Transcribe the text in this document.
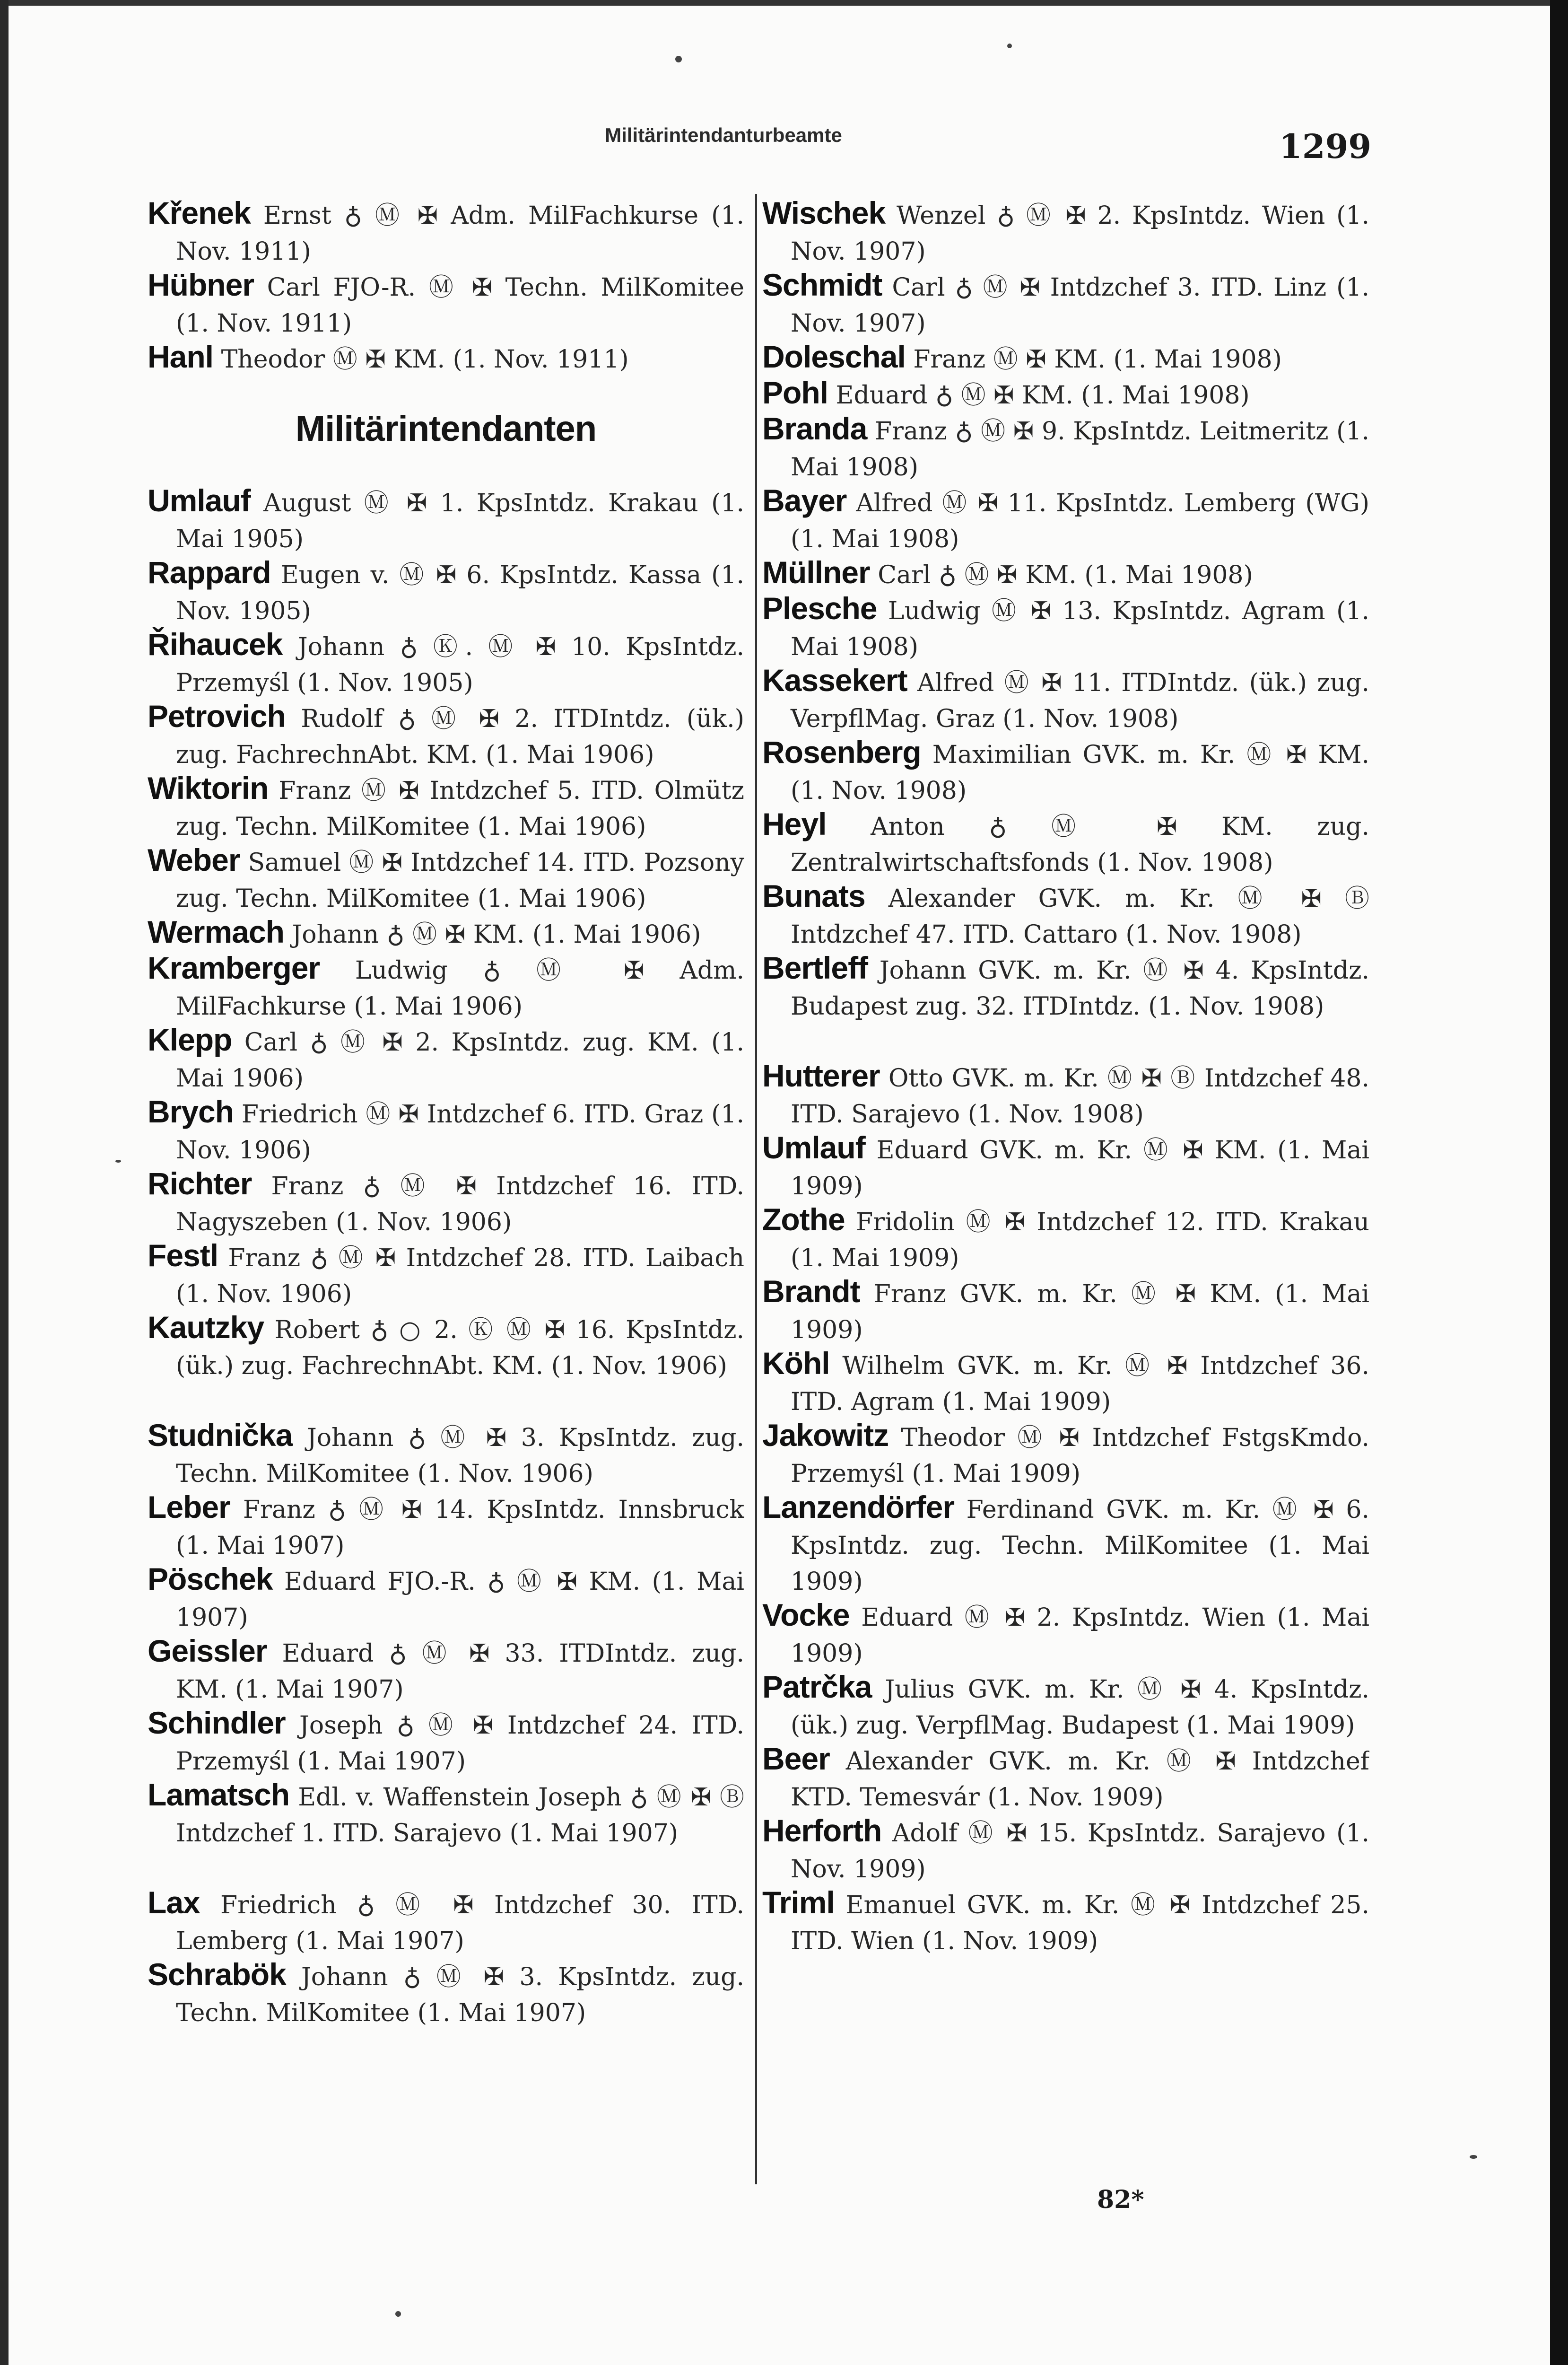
Militärintendanturbeamte	1299
Křenek Ernst ♁ Ⓜ ✠ Adm. MilFachkurse (1. Nov. 1911)
Hübner Carl FJO-R. Ⓜ ✠ Techn. MilKomitee (1. Nov. 1911)
Hanl Theodor Ⓜ ✠ KM. (1. Nov. 1911)
Militärintendanten
Umlauf August Ⓜ ✠ 1. KpsIntdz. Krakau (1. Mai 1905)
Rappard Eugen v. Ⓜ ✠ 6. KpsIntdz. Kassa (1. Nov. 1905)
Řihaucek Johann ♁ Ⓚ. Ⓜ ✠ 10. KpsIntdz. Przemyśl (1. Nov. 1905)
Petrovich Rudolf ♁ Ⓜ ✠ 2. ITDIntdz. (ük.) zug. FachrechnAbt. KM. (1. Mai 1906)
Wiktorin Franz Ⓜ ✠ Intdzchef 5. ITD. Olmütz zug. Techn. MilKomitee (1. Mai 1906)
Weber Samuel Ⓜ ✠ Intdzchef 14. ITD. Pozsony zug. Techn. MilKomitee (1. Mai 1906)
Wermach Johann ♁ Ⓜ ✠ KM. (1. Mai 1906)
Kramberger Ludwig ♁ Ⓜ ✠ Adm. MilFachkurse (1. Mai 1906)
Klepp Carl ♁ Ⓜ ✠ 2. KpsIntdz. zug. KM. (1. Mai 1906)
Brych Friedrich Ⓜ ✠ Intdzchef 6. ITD. Graz (1. Nov. 1906)
Richter Franz ♁ Ⓜ ✠ Intdzchef 16. ITD. Nagyszeben (1. Nov. 1906)
Festl Franz ♁ Ⓜ ✠ Intdzchef 28. ITD. Laibach (1. Nov. 1906)
Kautzky Robert ♁ ○ 2. Ⓚ Ⓜ ✠ 16. KpsIntdz. (ük.) zug. FachrechnAbt. KM. (1. Nov. 1906)
Studnička Johann ♁ Ⓜ ✠ 3. KpsIntdz. zug. Techn. MilKomitee (1. Nov. 1906)
Leber Franz ♁ Ⓜ ✠ 14. KpsIntdz. Innsbruck (1. Mai 1907)
Pöschek Eduard FJO.-R. ♁ Ⓜ ✠ KM. (1. Mai 1907)
Geissler Eduard ♁ Ⓜ ✠ 33. ITDIntdz. zug. KM. (1. Mai 1907)
Schindler Joseph ♁ Ⓜ ✠ Intdzchef 24. ITD. Przemyśl (1. Mai 1907)
Lamatsch Edl. v. Waffenstein Joseph ♁ Ⓜ ✠ Ⓑ Intdzchef 1. ITD. Sarajevo (1. Mai 1907)
Lax Friedrich ♁ Ⓜ ✠ Intdzchef 30. ITD. Lemberg (1. Mai 1907)
Schrabök Johann ♁ Ⓜ ✠ 3. KpsIntdz. zug. Techn. MilKomitee (1. Mai 1907)
Wischek Wenzel ♁ Ⓜ ✠ 2. KpsIntdz. Wien (1. Nov. 1907)
Schmidt Carl ♁ Ⓜ ✠ Intdzchef 3. ITD. Linz (1. Nov. 1907)
Doleschal Franz Ⓜ ✠ KM. (1. Mai 1908)
Pohl Eduard ♁ Ⓜ ✠ KM. (1. Mai 1908)
Branda Franz ♁ Ⓜ ✠ 9. KpsIntdz. Leitmeritz (1. Mai 1908)
Bayer Alfred Ⓜ ✠ 11. KpsIntdz. Lemberg (WG) (1. Mai 1908)
Müllner Carl ♁ Ⓜ ✠ KM. (1. Mai 1908)
Plesche Ludwig Ⓜ ✠ 13. KpsIntdz. Agram (1. Mai 1908)
Kassekert Alfred Ⓜ ✠ 11. ITDIntdz. (ük.) zug. VerpflMag. Graz (1. Nov. 1908)
Rosenberg Maximilian GVK. m. Kr. Ⓜ ✠ KM. (1. Nov. 1908)
Heyl Anton ♁ Ⓜ ✠ KM. zug. Zentralwirtschaftsfonds (1. Nov. 1908)
Bunats Alexander GVK. m. Kr. Ⓜ ✠ Ⓑ Intdzchef 47. ITD. Cattaro (1. Nov. 1908)
Bertleff Johann GVK. m. Kr. Ⓜ ✠ 4. KpsIntdz. Budapest zug. 32. ITDIntdz. (1. Nov. 1908)
Hutterer Otto GVK. m. Kr. Ⓜ ✠ Ⓑ Intdzchef 48. ITD. Sarajevo (1. Nov. 1908)
Umlauf Eduard GVK. m. Kr. Ⓜ ✠ KM. (1. Mai 1909)
Zothe Fridolin Ⓜ ✠ Intdzchef 12. ITD. Krakau (1. Mai 1909)
Brandt Franz GVK. m. Kr. Ⓜ ✠ KM. (1. Mai 1909)
Köhl Wilhelm GVK. m. Kr. Ⓜ ✠ Intdzchef 36. ITD. Agram (1. Mai 1909)
Jakowitz Theodor Ⓜ ✠ Intdzchef FstgsKmdo. Przemyśl (1. Mai 1909)
Lanzendörfer Ferdinand GVK. m. Kr. Ⓜ ✠ 6. KpsIntdz. zug. Techn. MilKomitee (1. Mai 1909)
Vocke Eduard Ⓜ ✠ 2. KpsIntdz. Wien (1. Mai 1909)
Patrčka Julius GVK. m. Kr. Ⓜ ✠ 4. KpsIntdz. (ük.) zug. VerpflMag. Budapest (1. Mai 1909)
Beer Alexander GVK. m. Kr. Ⓜ ✠ Intdzchef KTD. Temesvár (1. Nov. 1909)
Herforth Adolf Ⓜ ✠ 15. KpsIntdz. Sarajevo (1. Nov. 1909)
Triml Emanuel GVK. m. Kr. Ⓜ ✠ Intdzchef 25. ITD. Wien (1. Nov. 1909)
82*
